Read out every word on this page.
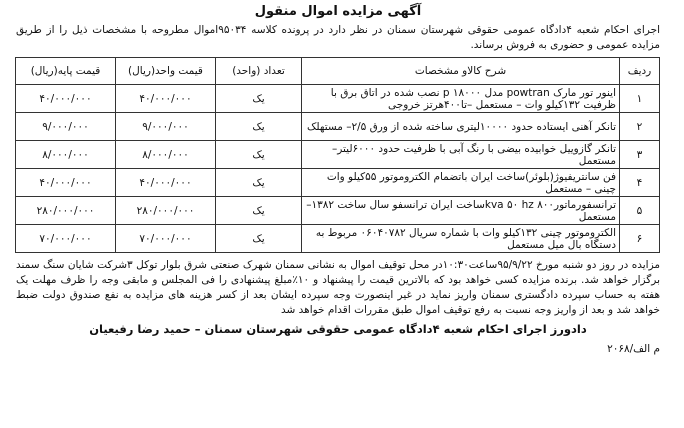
آگهی مزایده اموال منقول
اجرای احکام شعبه ۴دادگاه عمومی حقوقی شهرستان سمنان در نظر دارد در پرونده کلاسه ۹۵۰۳۴اموال مطروحه با مشخصات ذیل را از طریق مزایده عمومی و حضوری به فروش برساند.
ردیف	شرح کالاو مشخصات	تعداد (واحد)	قیمت واحد(ریال)	قیمت پایه(ریال)
۱	اینور تور مارک powtran مدل ۱۸۰۰۰ p نصب شده در اتاق برق با ظرفیت ۱۳۲کیلو وات – مستعمل –تا۴۰۰هرتز خروجی	یک	۴۰/۰۰۰/۰۰۰	۴۰/۰۰۰/۰۰۰
۲	تانکر آهنی ایستاده حدود ۱۰۰۰۰لیتری ساخته شده از ورق ۲/۵– مستهلک	یک	۹/۰۰۰/۰۰۰	۹/۰۰۰/۰۰۰
۳	تانکر گازوییل خوابیده بیضی با رنگ آبی با ظرفیت حدود ۶۰۰۰لیتر– مستعمل	یک	۸/۰۰۰/۰۰۰	۸/۰۰۰/۰۰۰
۴	فن سانتریفیوژ(بلوئر)ساخت ایران باتضمام الکتروموتور ۵۵کیلو وات چینی – مستعمل	یک	۴۰/۰۰۰/۰۰۰	۴۰/۰۰۰/۰۰۰
۵	ترانسفورماتور۸۰۰ kva ۵۰ hzساخت ایران ترانسفو سال ساخت ۱۳۸۲– مستعمل	یک	۲۸۰/۰۰۰/۰۰۰	۲۸۰/۰۰۰/۰۰۰
۶	الکتروموتور چینی ۱۳۲کیلو وات با شماره سریال ۰۶۰۴۰۷۸۲ مربوط به دستگاه بال میل مستعمل	یک	۷۰/۰۰۰/۰۰۰	۷۰/۰۰۰/۰۰۰
مزایده در روز دو شنبه مورخ ۹۵/۹/۲۲ساعت۱۰:۳۰در محل توقیف اموال به نشانی سمنان شهرک صنعتی شرق بلوار توکل ۳شرکت شایان سنگ سمند برگزار خواهد شد. برنده مزایده کسی خواهد بود که بالاترین قیمت را پیشنهاد و ۱۰٪مبلغ پیشنهادی را فی المجلس و مابقی وجه را ظرف مهلت یک هفته به حساب سپرده دادگستری سمنان واریز نماید در غیر اینصورت وجه سپرده ایشان بعد از کسر هزینه های مزایده به نفع صندوق دولت ضبط خواهد شد و بعد از واریز وجه نسبت به رفع توقیف اموال طبق مقررات اقدام خواهد شد
دادورز اجرای احکام شعبه ۴دادگاه عمومی حقوقی شهرستان سمنان – حمید رضا رفیعیان
م الف/۲۰۶۸
